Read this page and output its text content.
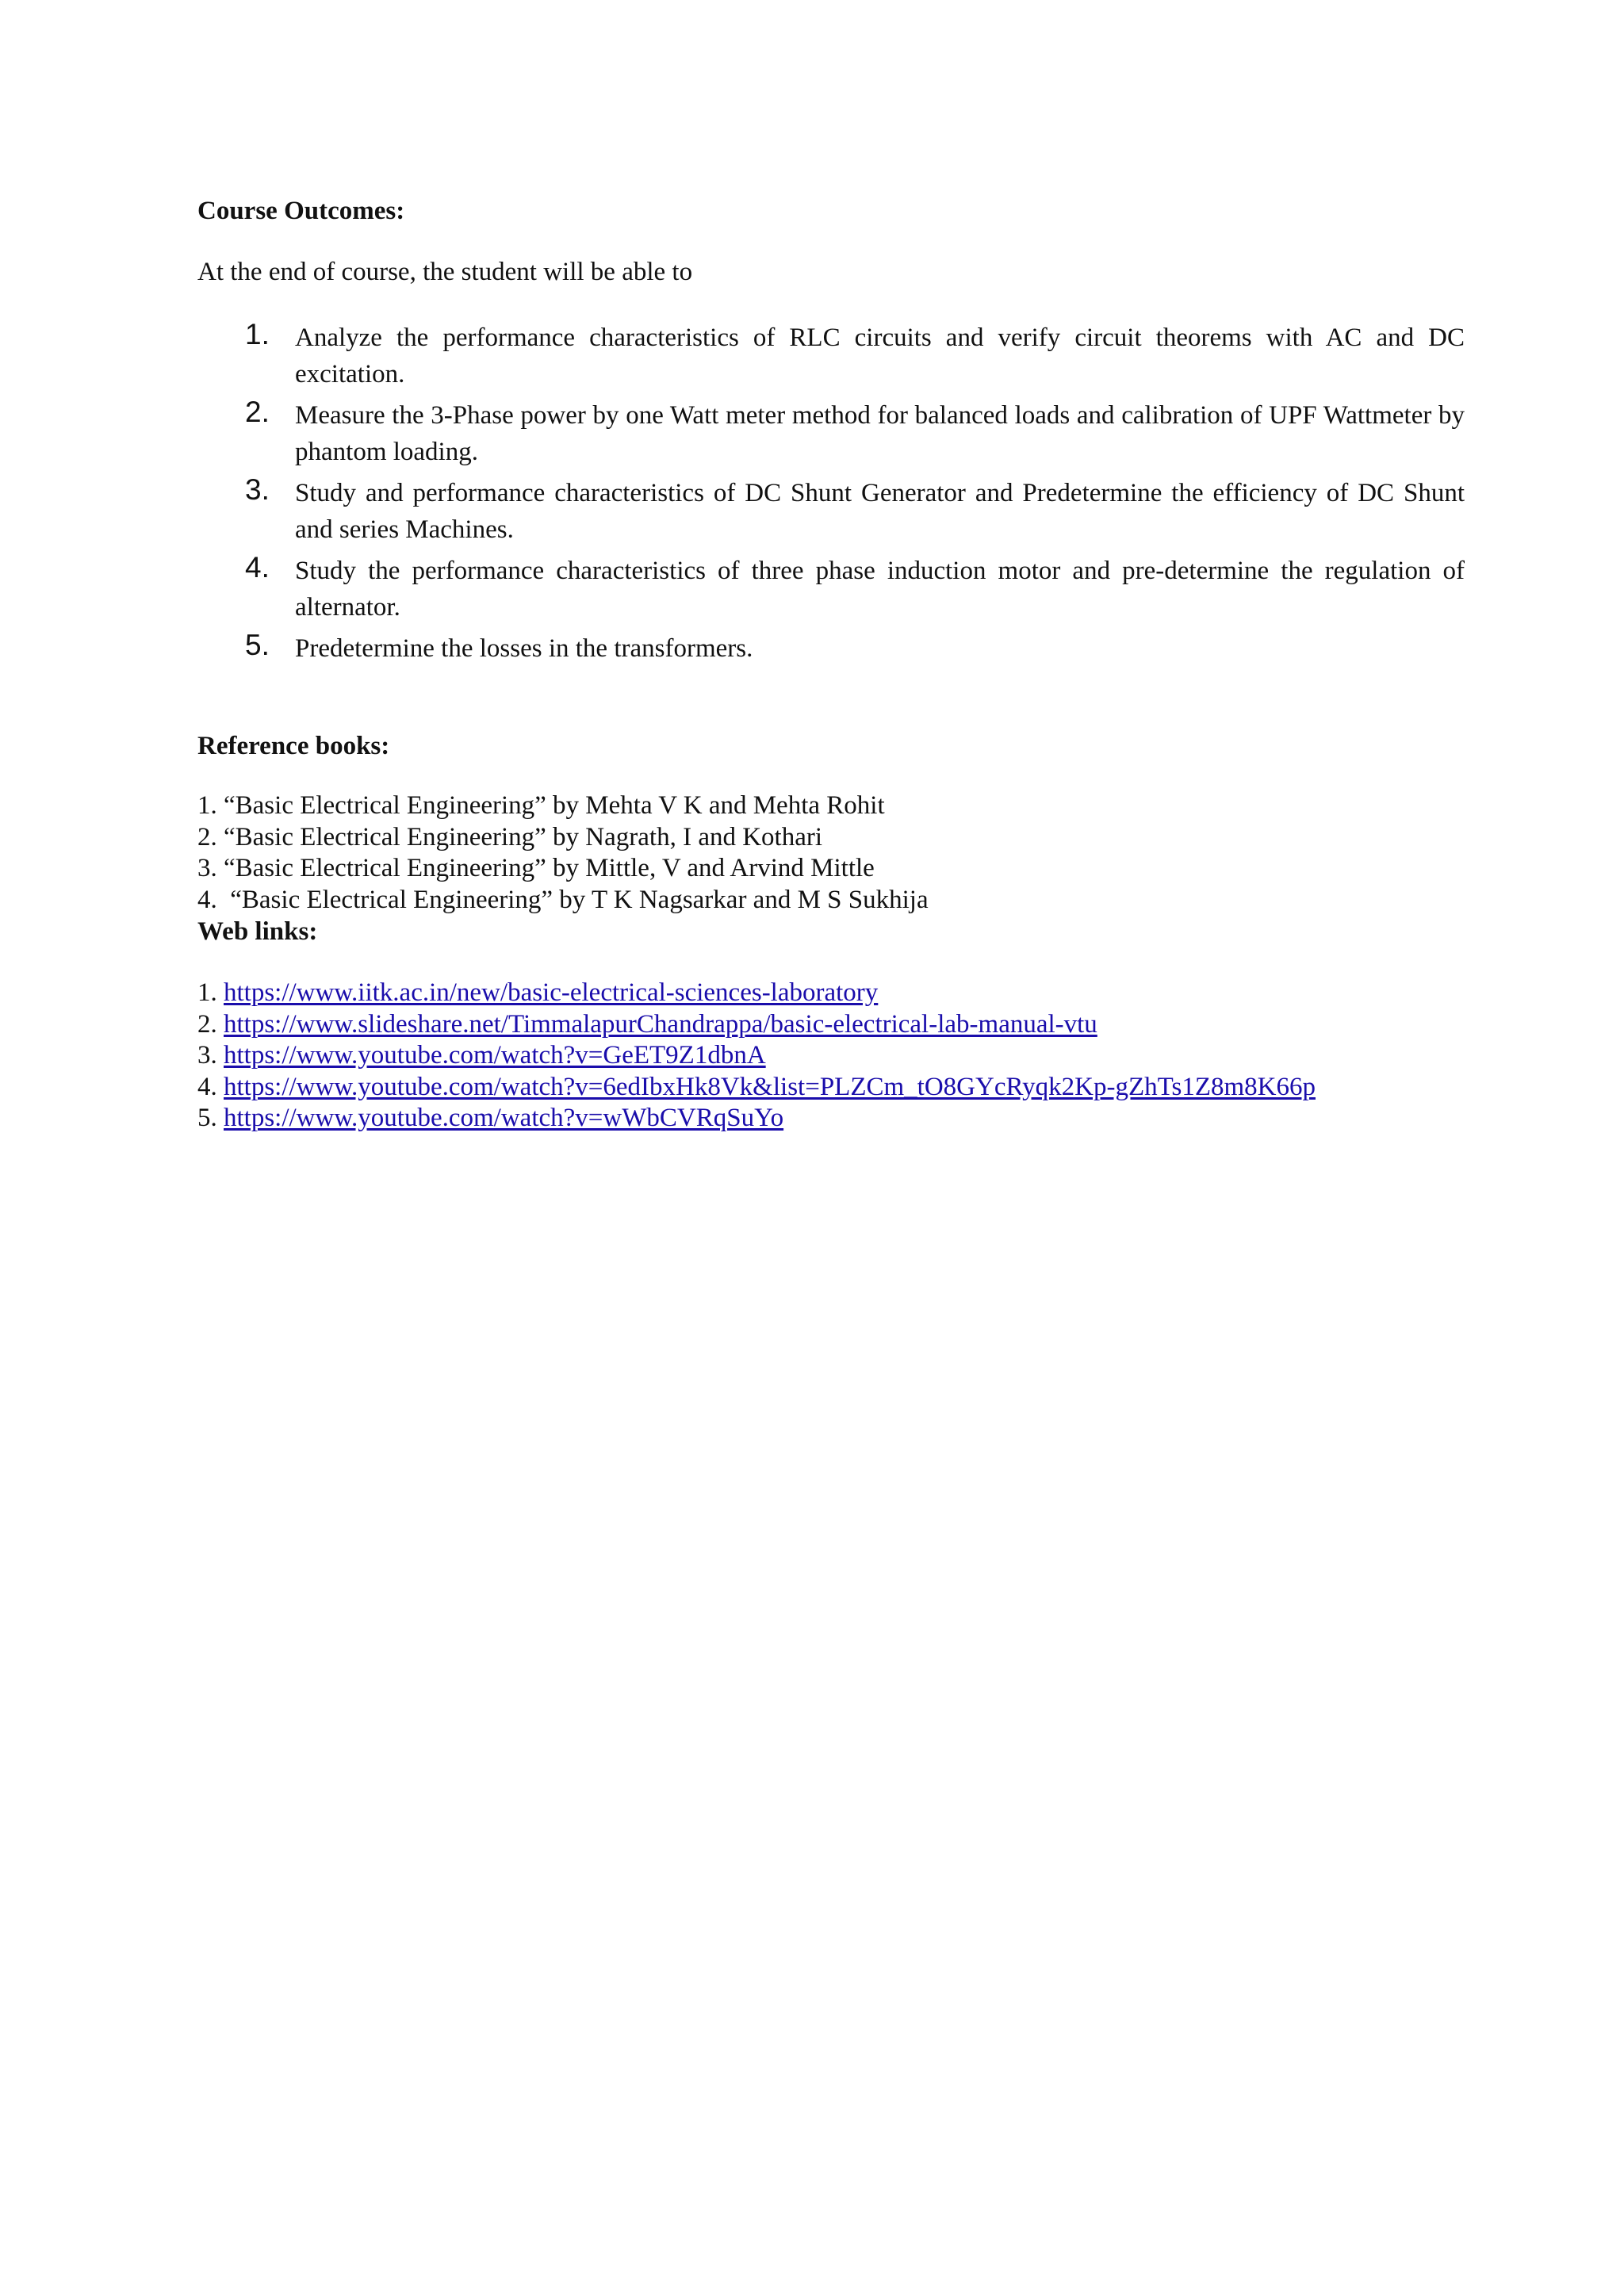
Course Outcomes:

At the end of course, the student will be able to

1. Analyze the performance characteristics of RLC circuits and verify circuit theorems with AC and DC excitation.
2. Measure the 3-Phase power by one Watt meter method for balanced loads and calibration of UPF Wattmeter by phantom loading.
3. Study and performance characteristics of DC Shunt Generator and Predetermine the efficiency of DC Shunt and series Machines.
4. Study the performance characteristics of three phase induction motor and pre-determine the regulation of alternator.
5. Predetermine the losses in the transformers.

Reference books:

1. “Basic Electrical Engineering” by Mehta V K and Mehta Rohit
2. “Basic Electrical Engineering” by Nagrath, I and Kothari
3. “Basic Electrical Engineering” by Mittle, V and Arvind Mittle
4.  “Basic Electrical Engineering” by T K Nagsarkar and M S Sukhija

Web links:

1. https://www.iitk.ac.in/new/basic-electrical-sciences-laboratory
2. https://www.slideshare.net/TimmalapurChandrappa/basic-electrical-lab-manual-vtu
3. https://www.youtube.com/watch?v=GeET9Z1dbnA
4. https://www.youtube.com/watch?v=6edIbxHk8Vk&list=PLZCm_tO8GYcRyqk2Kp-gZhTs1Z8m8K66p
5. https://www.youtube.com/watch?v=wWbCVRqSuYo
